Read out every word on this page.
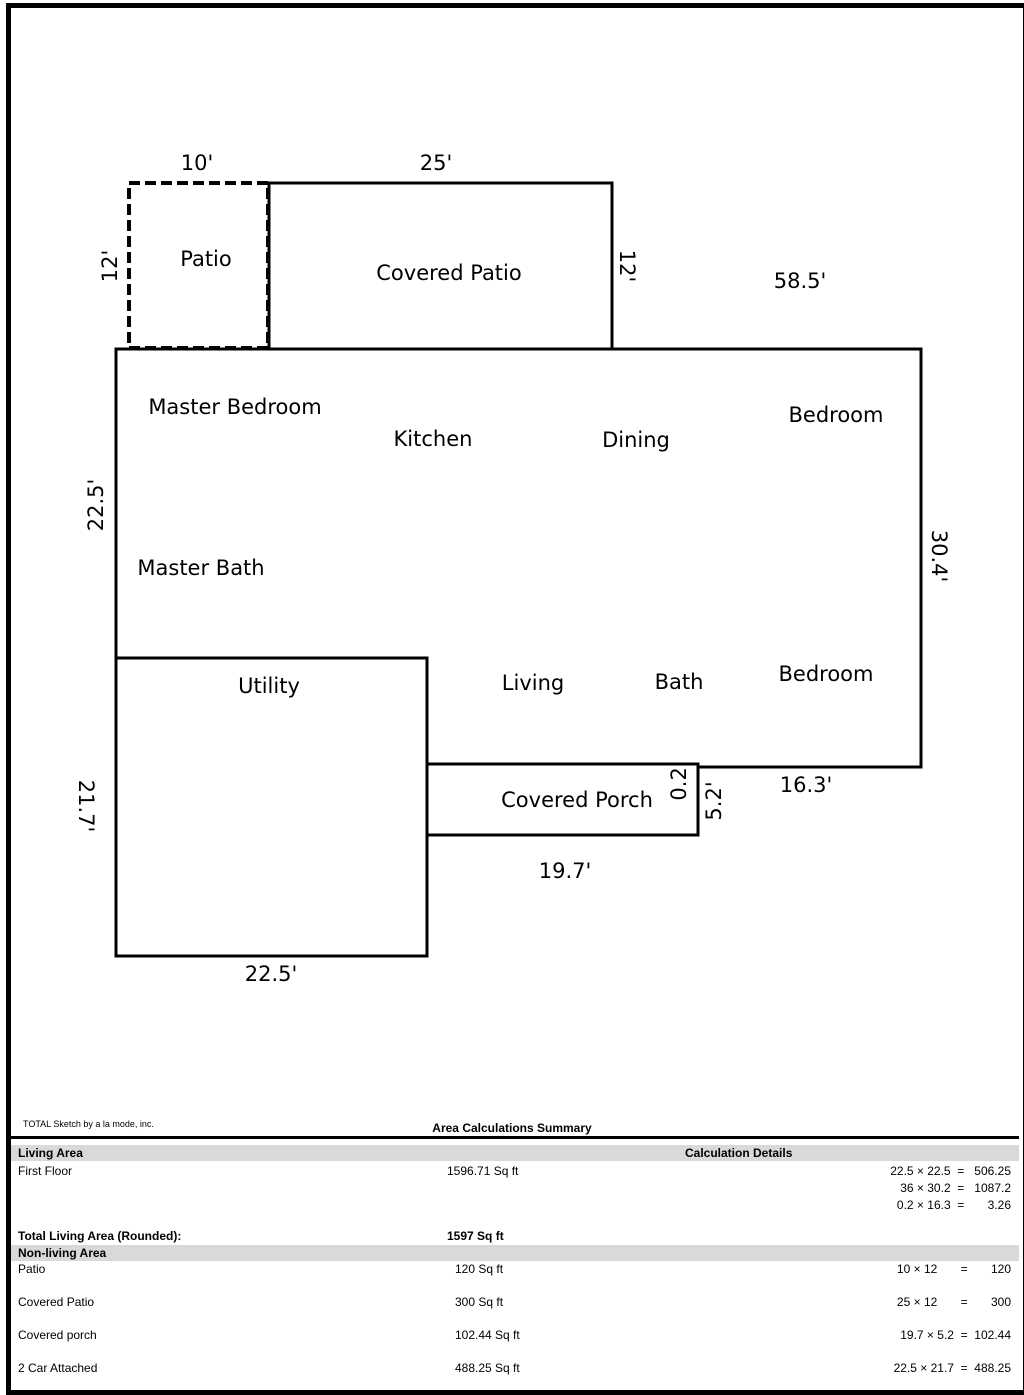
Patio
Covered Patio
Master Bedroom
Kitchen	Dining
Bedroom
Master Bath
Utility	Living	Bath	Bedroom
Covered Porch
10'	25'
58.5'
16.3'
19.7'
22.5'
12'
22.5'
5.2'
12'
30.4'
21.7'	0.2'
TOTAL Sketch by a la mode, inc.	Area Calculations Summary
Living Area	Calculation Details
First Floor	1596.71 Sq ft	22.5 × 22.5  =   506.25
36 × 30.2  =   1087.2
0.2 × 16.3  =       3.26
Total Living Area (Rounded):	1597 Sq ft
Non-living Area
Patio	120 Sq ft	10 × 12       =       120
Covered Patio	300 Sq ft	25 × 12       =       300
Covered porch	102.44 Sq ft	19.7 × 5.2  =  102.44
2 Car Attached	488.25 Sq ft	22.5 × 21.7  =  488.25
